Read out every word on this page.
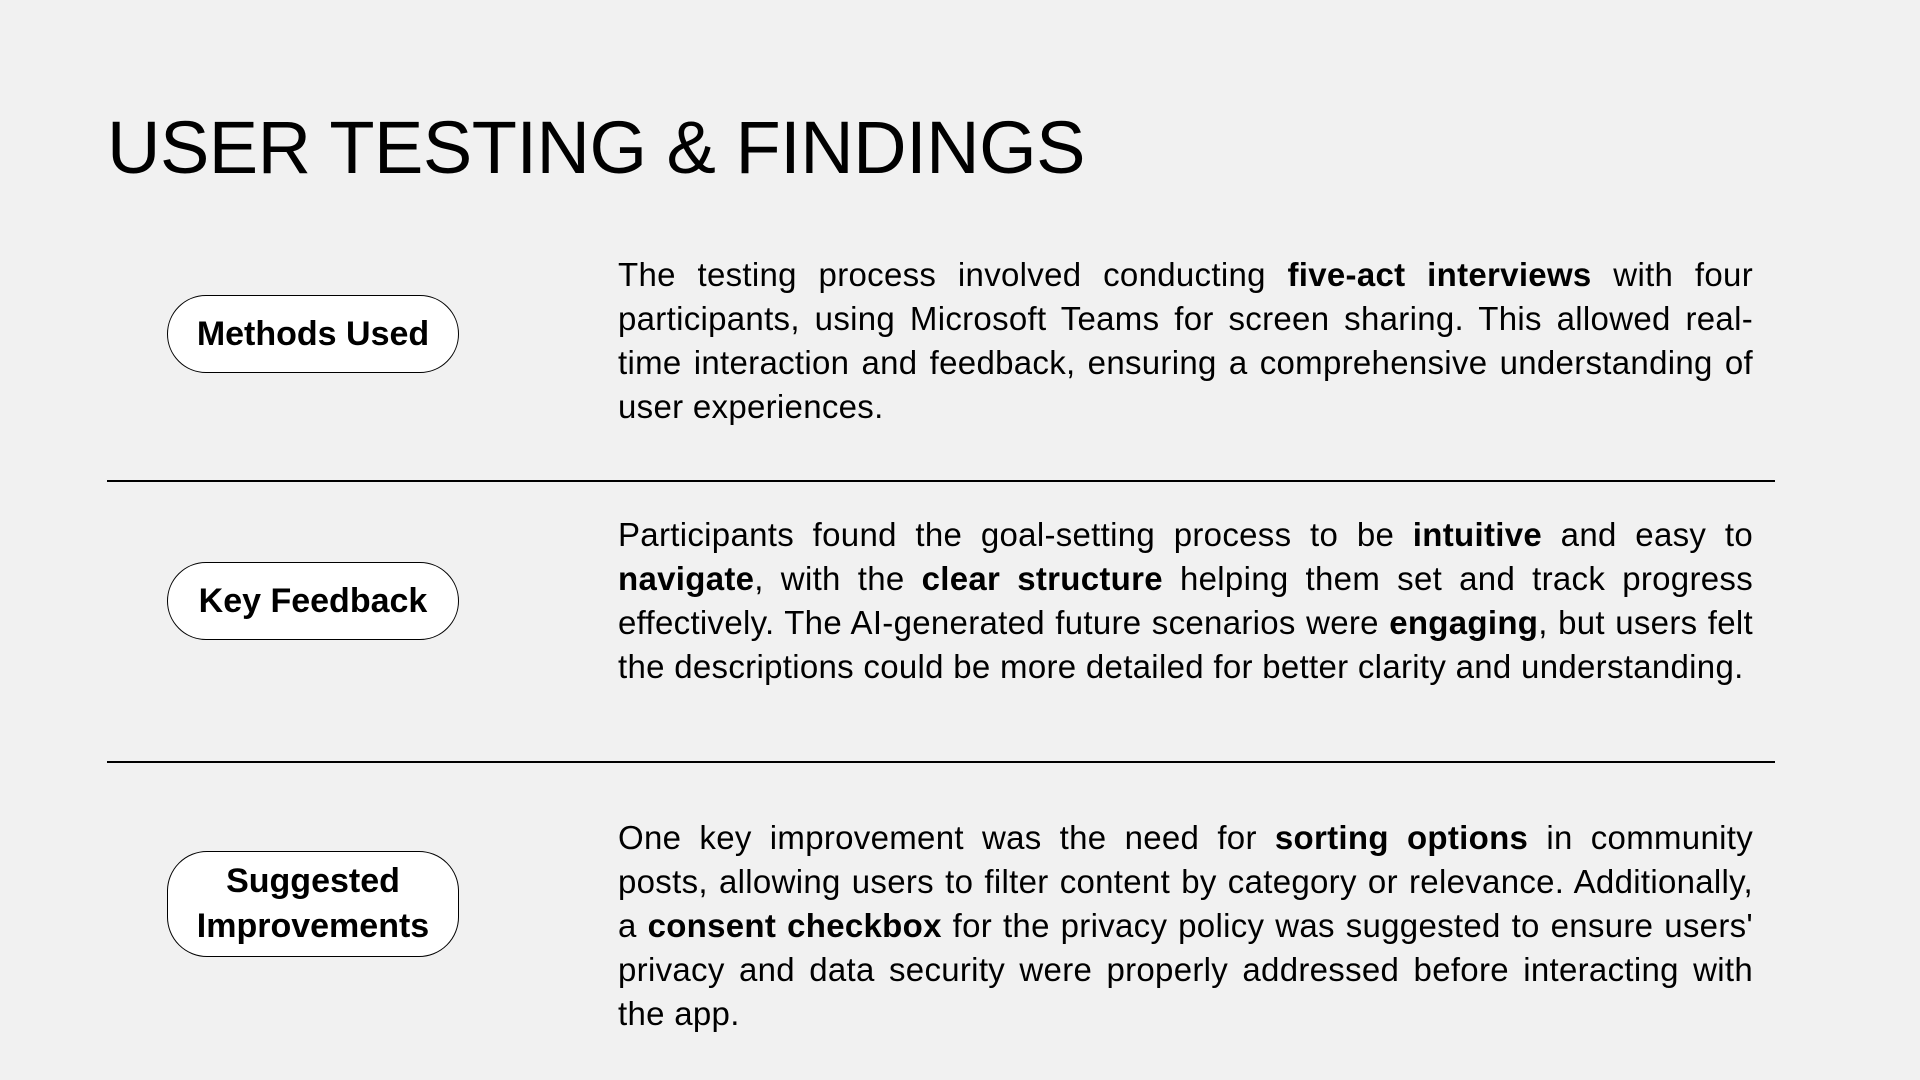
USER TESTING & FINDINGS
Methods Used

The testing process involved conducting five-act interviews with four participants, using Microsoft Teams for screen sharing. This allowed real-time interaction and feedback, ensuring a comprehensive understanding of user experiences.

Key Feedback

Participants found the goal-setting process to be intuitive and easy to navigate, with the clear structure helping them set and track progress effectively. The AI-generated future scenarios were engaging, but users felt the descriptions could be more detailed for better clarity and understanding.

Suggested
Improvements

One key improvement was the need for sorting options in community posts, allowing users to filter content by category or relevance. Additionally, a consent checkbox for the privacy policy was suggested to ensure users' privacy and data security were properly addressed before interacting with the app.
